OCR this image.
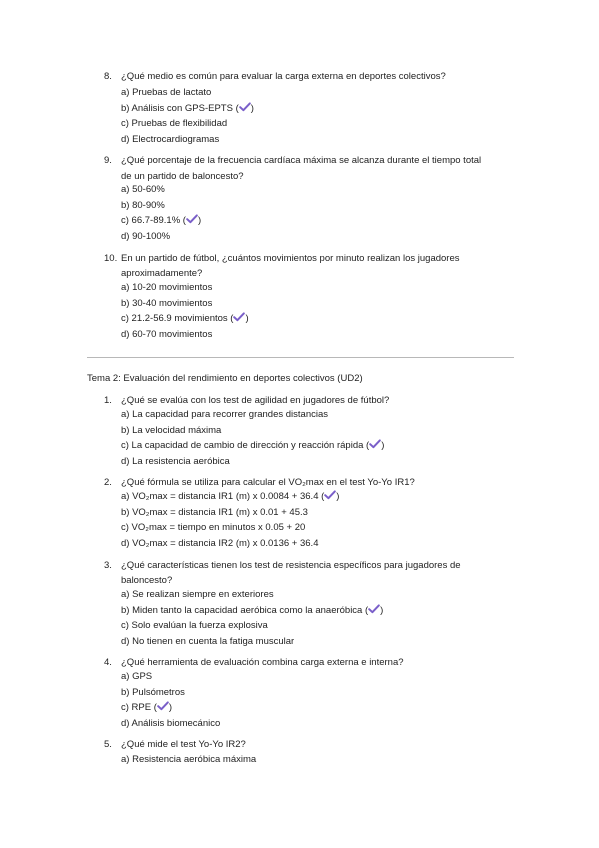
8. ¿Qué medio es común para evaluar la carga externa en deportes colectivos?
a) Pruebas de lactato
b) Análisis con GPS-EPTS ( )
c) Pruebas de flexibilidad
d) Electrocardiogramas
9. ¿Qué porcentaje de la frecuencia cardíaca máxima se alcanza durante el tiempo total
de un partido de baloncesto?
a) 50-60%
b) 80-90%
c) 66.7-89.1% ( )
d) 90-100%
10. En un partido de fútbol, ¿cuántos movimientos por minuto realizan los jugadores
aproximadamente?
a) 10-20 movimientos
b) 30-40 movimientos
c) 21.2-56.9 movimientos ( )
d) 60-70 movimientos
Tema 2: Evaluación del rendimiento en deportes colectivos (UD2)
1. ¿Qué se evalúa con los test de agilidad en jugadores de fútbol?
a) La capacidad para recorrer grandes distancias
b) La velocidad máxima
c) La capacidad de cambio de dirección y reacción rápida ( )
d) La resistencia aeróbica
2. ¿Qué fórmula se utiliza para calcular el VO₂max en el test Yo-Yo IR1?
a) VO₂max = distancia IR1 (m) x 0.0084 + 36.4 ( )
b) VO₂max = distancia IR1 (m) x 0.01 + 45.3
c) VO₂max = tiempo en minutos x 0.05 + 20
d) VO₂max = distancia IR2 (m) x 0.0136 + 36.4
3. ¿Qué características tienen los test de resistencia específicos para jugadores de
baloncesto?
a) Se realizan siempre en exteriores
b) Miden tanto la capacidad aeróbica como la anaeróbica ( )
c) Solo evalúan la fuerza explosiva
d) No tienen en cuenta la fatiga muscular
4. ¿Qué herramienta de evaluación combina carga externa e interna?
a) GPS
b) Pulsómetros
c) RPE ( )
d) Análisis biomecánico
5. ¿Qué mide el test Yo-Yo IR2?
a) Resistencia aeróbica máxima
